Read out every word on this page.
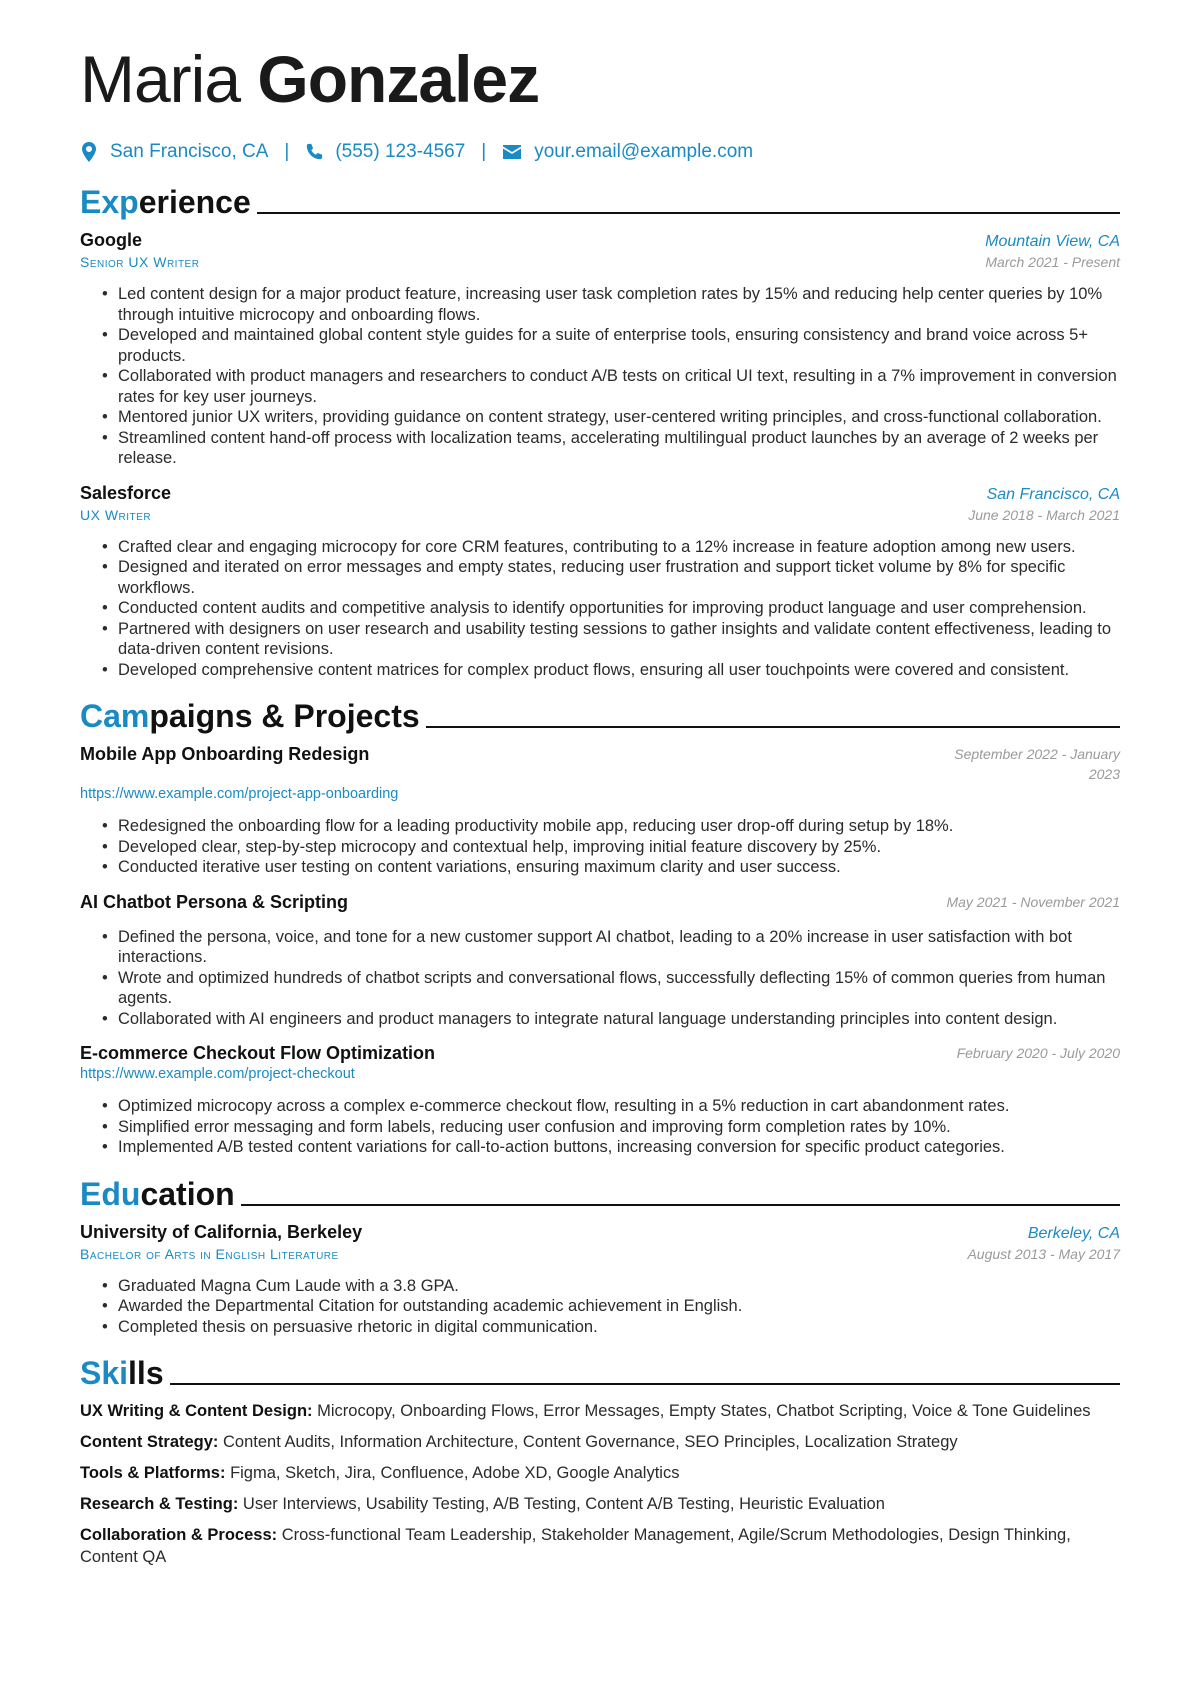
Maria Gonzalez
San Francisco, CA | (555) 123-4567 |	your.email@example.com
Experience
Google	Mountain View, CA
Senior UX Writer	March 2021 - Present
• Led content design for a major product feature, increasing user task completion rates by 15% and reducing help center queries by 10% through intuitive microcopy and onboarding flows.
• Developed and maintained global content style guides for a suite of enterprise tools, ensuring consistency and brand voice across 5+ products.
• Collaborated with product managers and researchers to conduct A/B tests on critical UI text, resulting in a 7% improvement in conversion rates for key user journeys.
• Mentored junior UX writers, providing guidance on content strategy, user-centered writing principles, and cross-functional collaboration.
• Streamlined content hand-off process with localization teams, accelerating multilingual product launches by an average of 2 weeks per release.
Salesforce	San Francisco, CA
UX Writer	June 2018 - March 2021
• Crafted clear and engaging microcopy for core CRM features, contributing to a 12% increase in feature adoption among new users.
• Designed and iterated on error messages and empty states, reducing user frustration and support ticket volume by 8% for specific workflows.
• Conducted content audits and competitive analysis to identify opportunities for improving product language and user comprehension.
• Partnered with designers on user research and usability testing sessions to gather insights and validate content effectiveness, leading to data-driven content revisions.
• Developed comprehensive content matrices for complex product flows, ensuring all user touchpoints were covered and consistent.
Campaigns & Projects
Mobile App Onboarding Redesign	September 2022 - January 2023
https://www.example.com/project-app-onboarding
• Redesigned the onboarding flow for a leading productivity mobile app, reducing user drop-off during setup by 18%.
• Developed clear, step-by-step microcopy and contextual help, improving initial feature discovery by 25%.
• Conducted iterative user testing on content variations, ensuring maximum clarity and user success.
AI Chatbot Persona & Scripting	May 2021 - November 2021
• Defined the persona, voice, and tone for a new customer support AI chatbot, leading to a 20% increase in user satisfaction with bot interactions.
• Wrote and optimized hundreds of chatbot scripts and conversational flows, successfully deflecting 15% of common queries from human agents.
• Collaborated with AI engineers and product managers to integrate natural language understanding principles into content design.
E-commerce Checkout Flow Optimization	February 2020 - July 2020
https://www.example.com/project-checkout
• Optimized microcopy across a complex e-commerce checkout flow, resulting in a 5% reduction in cart abandonment rates.
• Simplified error messaging and form labels, reducing user confusion and improving form completion rates by 10%.
• Implemented A/B tested content variations for call-to-action buttons, increasing conversion for specific product categories.
Education
University of California, Berkeley	Berkeley, CA
Bachelor of Arts in English Literature	August 2013 - May 2017
• Graduated Magna Cum Laude with a 3.8 GPA.
• Awarded the Departmental Citation for outstanding academic achievement in English.
• Completed thesis on persuasive rhetoric in digital communication.
Skills
UX Writing & Content Design: Microcopy, Onboarding Flows, Error Messages, Empty States, Chatbot Scripting, Voice & Tone Guidelines
Content Strategy: Content Audits, Information Architecture, Content Governance, SEO Principles, Localization Strategy
Tools & Platforms: Figma, Sketch, Jira, Confluence, Adobe XD, Google Analytics
Research & Testing: User Interviews, Usability Testing, A/B Testing, Content A/B Testing, Heuristic Evaluation
Collaboration & Process: Cross-functional Team Leadership, Stakeholder Management, Agile/Scrum Methodologies, Design Thinking, Content QA
